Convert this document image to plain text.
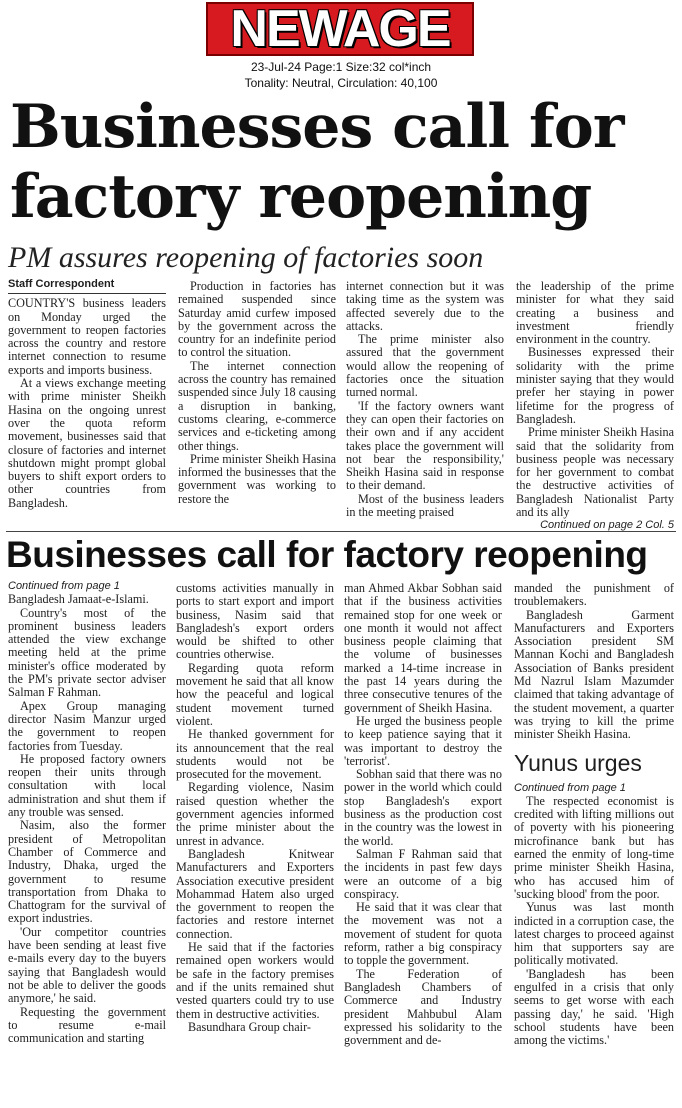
NEWAGE
23-Jul-24 Page:1 Size:32 col*inch
Tonality: Neutral, Circulation: 40,100
Businesses call for factory reopening
PM assures reopening of factories soon
Staff Correspondent

COUNTRY'S business leaders on Monday urged the government to reopen factories across the country and restore internet connection to resume exports and imports business.

At a views exchange meeting with prime minister Sheikh Hasina on the ongoing unrest over the quota reform movement, businesses said that closure of factories and internet shutdown might prompt global buyers to shift export orders to other countries from Bangladesh.

Production in factories has remained suspended since Saturday amid curfew imposed by the government across the country for an indefinite period to control the situation.

The internet connection across the country has remained suspended since July 18 causing a disruption in banking, customs clearing, e-commerce services and e-ticketing among other things.

Prime minister Sheikh Hasina informed the businesses that the government was working to restore the

internet connection but it was taking time as the system was affected severely due to the attacks.

The prime minister also assured that the government would allow the reopening of factories once the situation turned normal.

'If the factory owners want they can open their factories on their own and if any accident takes place the government will not bear the responsibility,' Sheikh Hasina said in response to their demand.

Most of the business leaders in the meeting praised

the leadership of the prime minister for what they said creating a business and investment friendly environment in the country.

Businesses expressed their solidarity with the prime minister saying that they would prefer her staying in power lifetime for the progress of Bangladesh.

Prime minister Sheikh Hasina said that the solidarity from business people was necessary for her government to combat the destructive activities of Bangladesh Nationalist Party and its ally

Continued on page 2 Col. 5
Businesses call for factory reopening
Continued from page 1

Bangladesh Jamaat-e-Islami.

Country's most of the prominent business leaders attended the view exchange meeting held at the prime minister's office moderated by the PM's private sector adviser Salman F Rahman.

Apex Group managing director Nasim Manzur urged the government to reopen factories from Tuesday.

He proposed factory owners reopen their units through consultation with local administration and shut them if any trouble was sensed.

Nasim, also the former president of Metropolitan Chamber of Commerce and Industry, Dhaka, urged the government to resume transportation from Dhaka to Chattogram for the survival of export industries.

'Our competitor countries have been sending at least five e-mails every day to the buyers saying that Bangladesh would not be able to deliver the goods anymore,' he said.

Requesting the government to resume e-mail communication and starting

customs activities manually in ports to start export and import business, Nasim said that Bangladesh's export orders would be shifted to other countries otherwise.

Regarding quota reform movement he said that all know how the peaceful and logical student movement turned violent.

He thanked government for its announcement that the real students would not be prosecuted for the movement.

Regarding violence, Nasim raised question whether the government agencies informed the prime minister about the unrest in advance.

Bangladesh Knitwear Manufacturers and Exporters Association executive president Mohammad Hatem also urged the government to reopen the factories and restore internet connection.

He said that if the factories remained open workers would be safe in the factory premises and if the units remained shut vested quarters could try to use them in destructive activities.

Basundhara Group chair-

man Ahmed Akbar Sobhan said that if the business activities remained stop for one week or one month it would not affect business people claiming that the volume of businesses marked a 14-time increase in the past 14 years during the three consecutive tenures of the government of Sheikh Hasina.

He urged the business people to keep patience saying that it was important to destroy the 'terrorist'.

Sobhan said that there was no power in the world which could stop Bangladesh's export business as the production cost in the country was the lowest in the world.

Salman F Rahman said that the incidents in past few days were an outcome of a big conspiracy.

He said that it was clear that the movement was not a movement of student for quota reform, rather a big conspiracy to topple the government.

The Federation of Bangladesh Chambers of Commerce and Industry president Mahbubul Alam expressed his solidarity to the government and de-

manded the punishment of troublemakers.

Bangladesh Garment Manufacturers and Exporters Association president SM Mannan Kochi and Bangladesh Association of Banks president Md Nazrul Islam Mazumder claimed that taking advantage of the student movement, a quarter was trying to kill the prime minister Sheikh Hasina.

Yunus urges
Continued from page 1

The respected economist is credited with lifting millions out of poverty with his pioneering microfinance bank but has earned the enmity of long-time prime minister Sheikh Hasina, who has accused him of 'sucking blood' from the poor.

Yunus was last month indicted in a corruption case, the latest charges to proceed against him that supporters say are politically motivated.

'Bangladesh has been engulfed in a crisis that only seems to get worse with each passing day,' he said. 'High school students have been among the victims.'
